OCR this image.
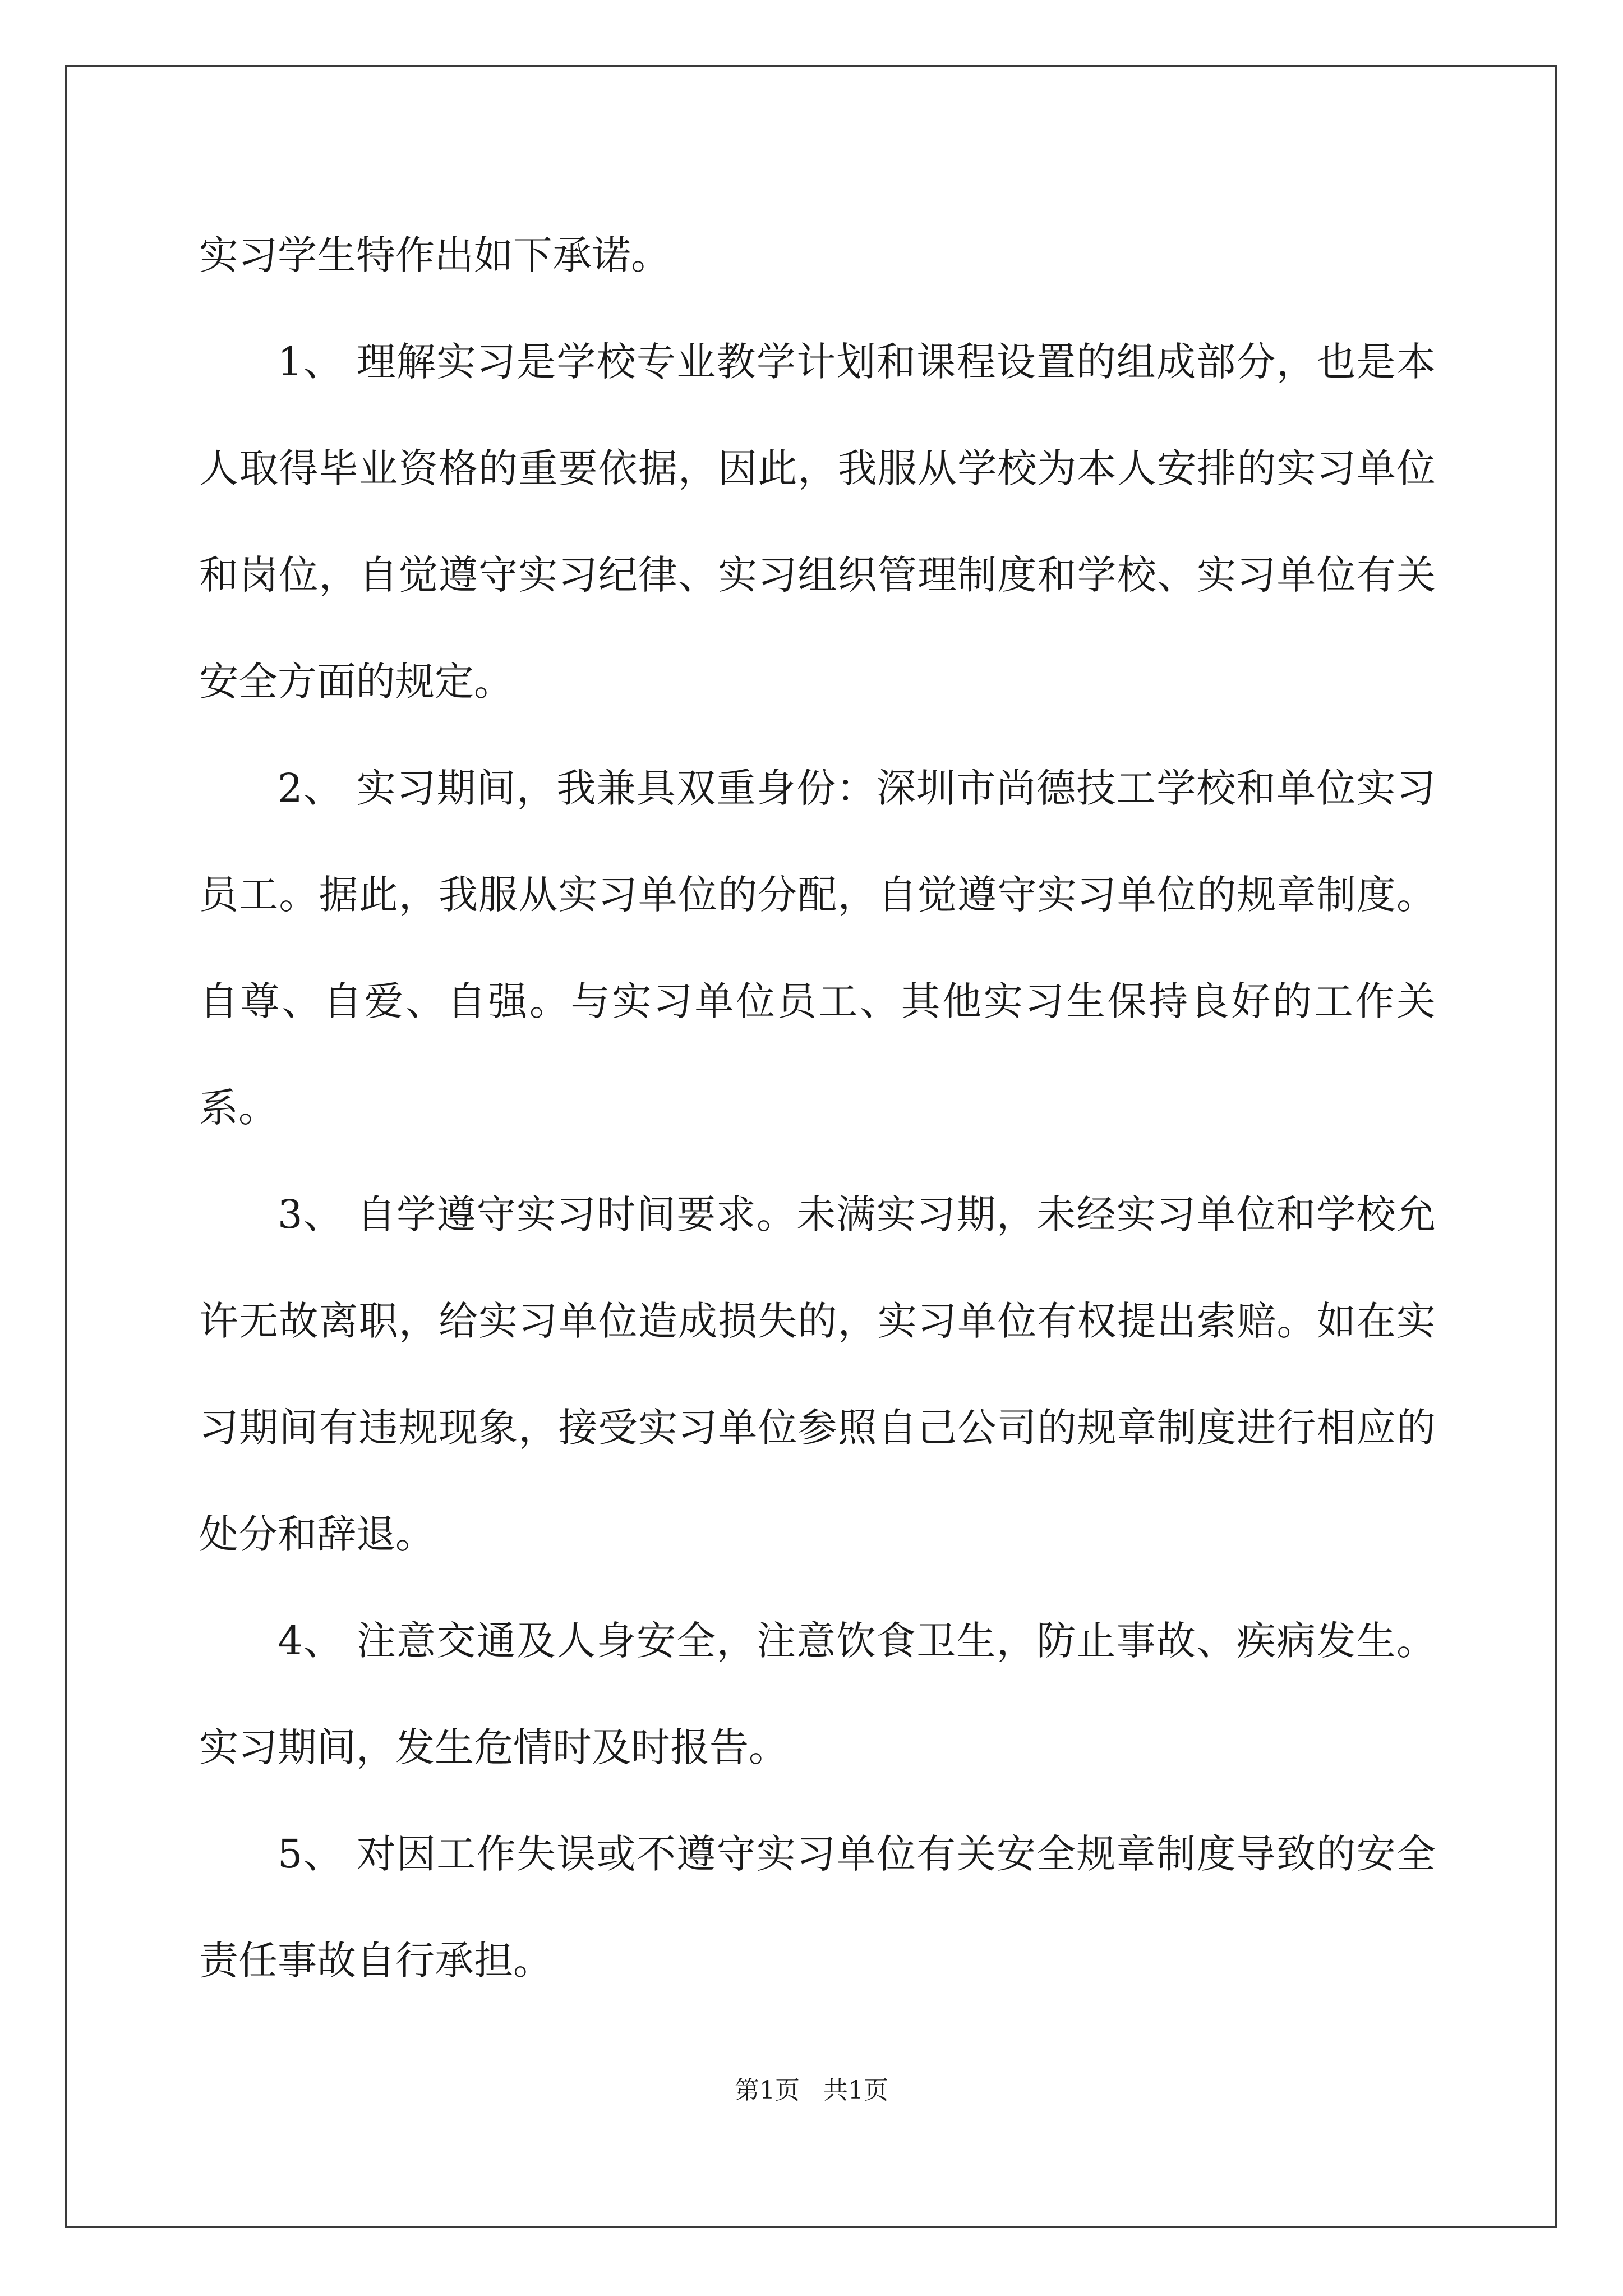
实习学生特作出如下承诺。

1、 理解实习是学校专业教学计划和课程设置的组成部分，也是本人取得毕业资格的重要依据，因此，我服从学校为本人安排的实习单位和岗位，自觉遵守实习纪律、实习组织管理制度和学校、实习单位有关安全方面的规定。

2、 实习期间，我兼具双重身份：深圳市尚德技工学校和单位实习员工。据此，我服从实习单位的分配，自觉遵守实习单位的规章制度。自尊、自爱、自强。与实习单位员工、其他实习生保持良好的工作关系。

3、 自学遵守实习时间要求。未满实习期，未经实习单位和学校允许无故离职，给实习单位造成损失的，实习单位有权提出索赔。如在实习期间有违规现象，接受实习单位参照自己公司的规章制度进行相应的处分和辞退。

4、 注意交通及人身安全，注意饮食卫生，防止事故、疾病发生。实习期间，发生危情时及时报告。

5、 对因工作失误或不遵守实习单位有关安全规章制度导致的安全责任事故自行承担。

第1页 共1页
